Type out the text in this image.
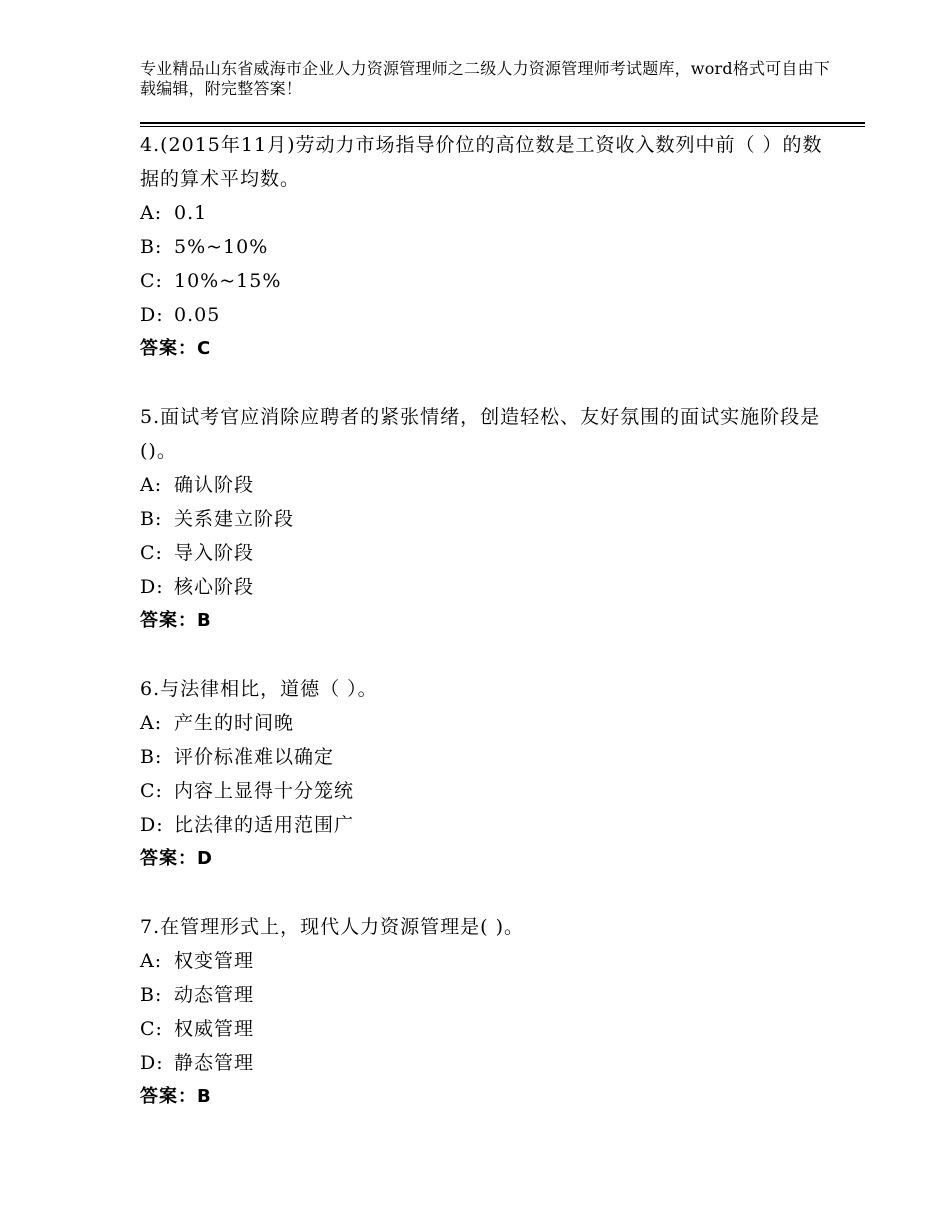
专业精品山东省威海市企业人力资源管理师之二级人力资源管理师考试题库，word格式可自由下载编辑，附完整答案！
4.(2015年11月)劳动力市场指导价位的高位数是工资收入数列中前（ ）的数据的算术平均数。
A: 0.1
B: 5%~10%
C: 10%~15%
D: 0.05
答案：C
5.面试考官应消除应聘者的紧张情绪，创造轻松、友好氛围的面试实施阶段是()。
A: 确认阶段
B: 关系建立阶段
C: 导入阶段
D: 核心阶段
答案：B
6.与法律相比，道德（ ）。
A: 产生的时间晚
B: 评价标准难以确定
C: 内容上显得十分笼统
D: 比法律的适用范围广
答案：D
7.在管理形式上，现代人力资源管理是( )。
A: 权变管理
B: 动态管理
C: 权威管理
D: 静态管理
答案：B
